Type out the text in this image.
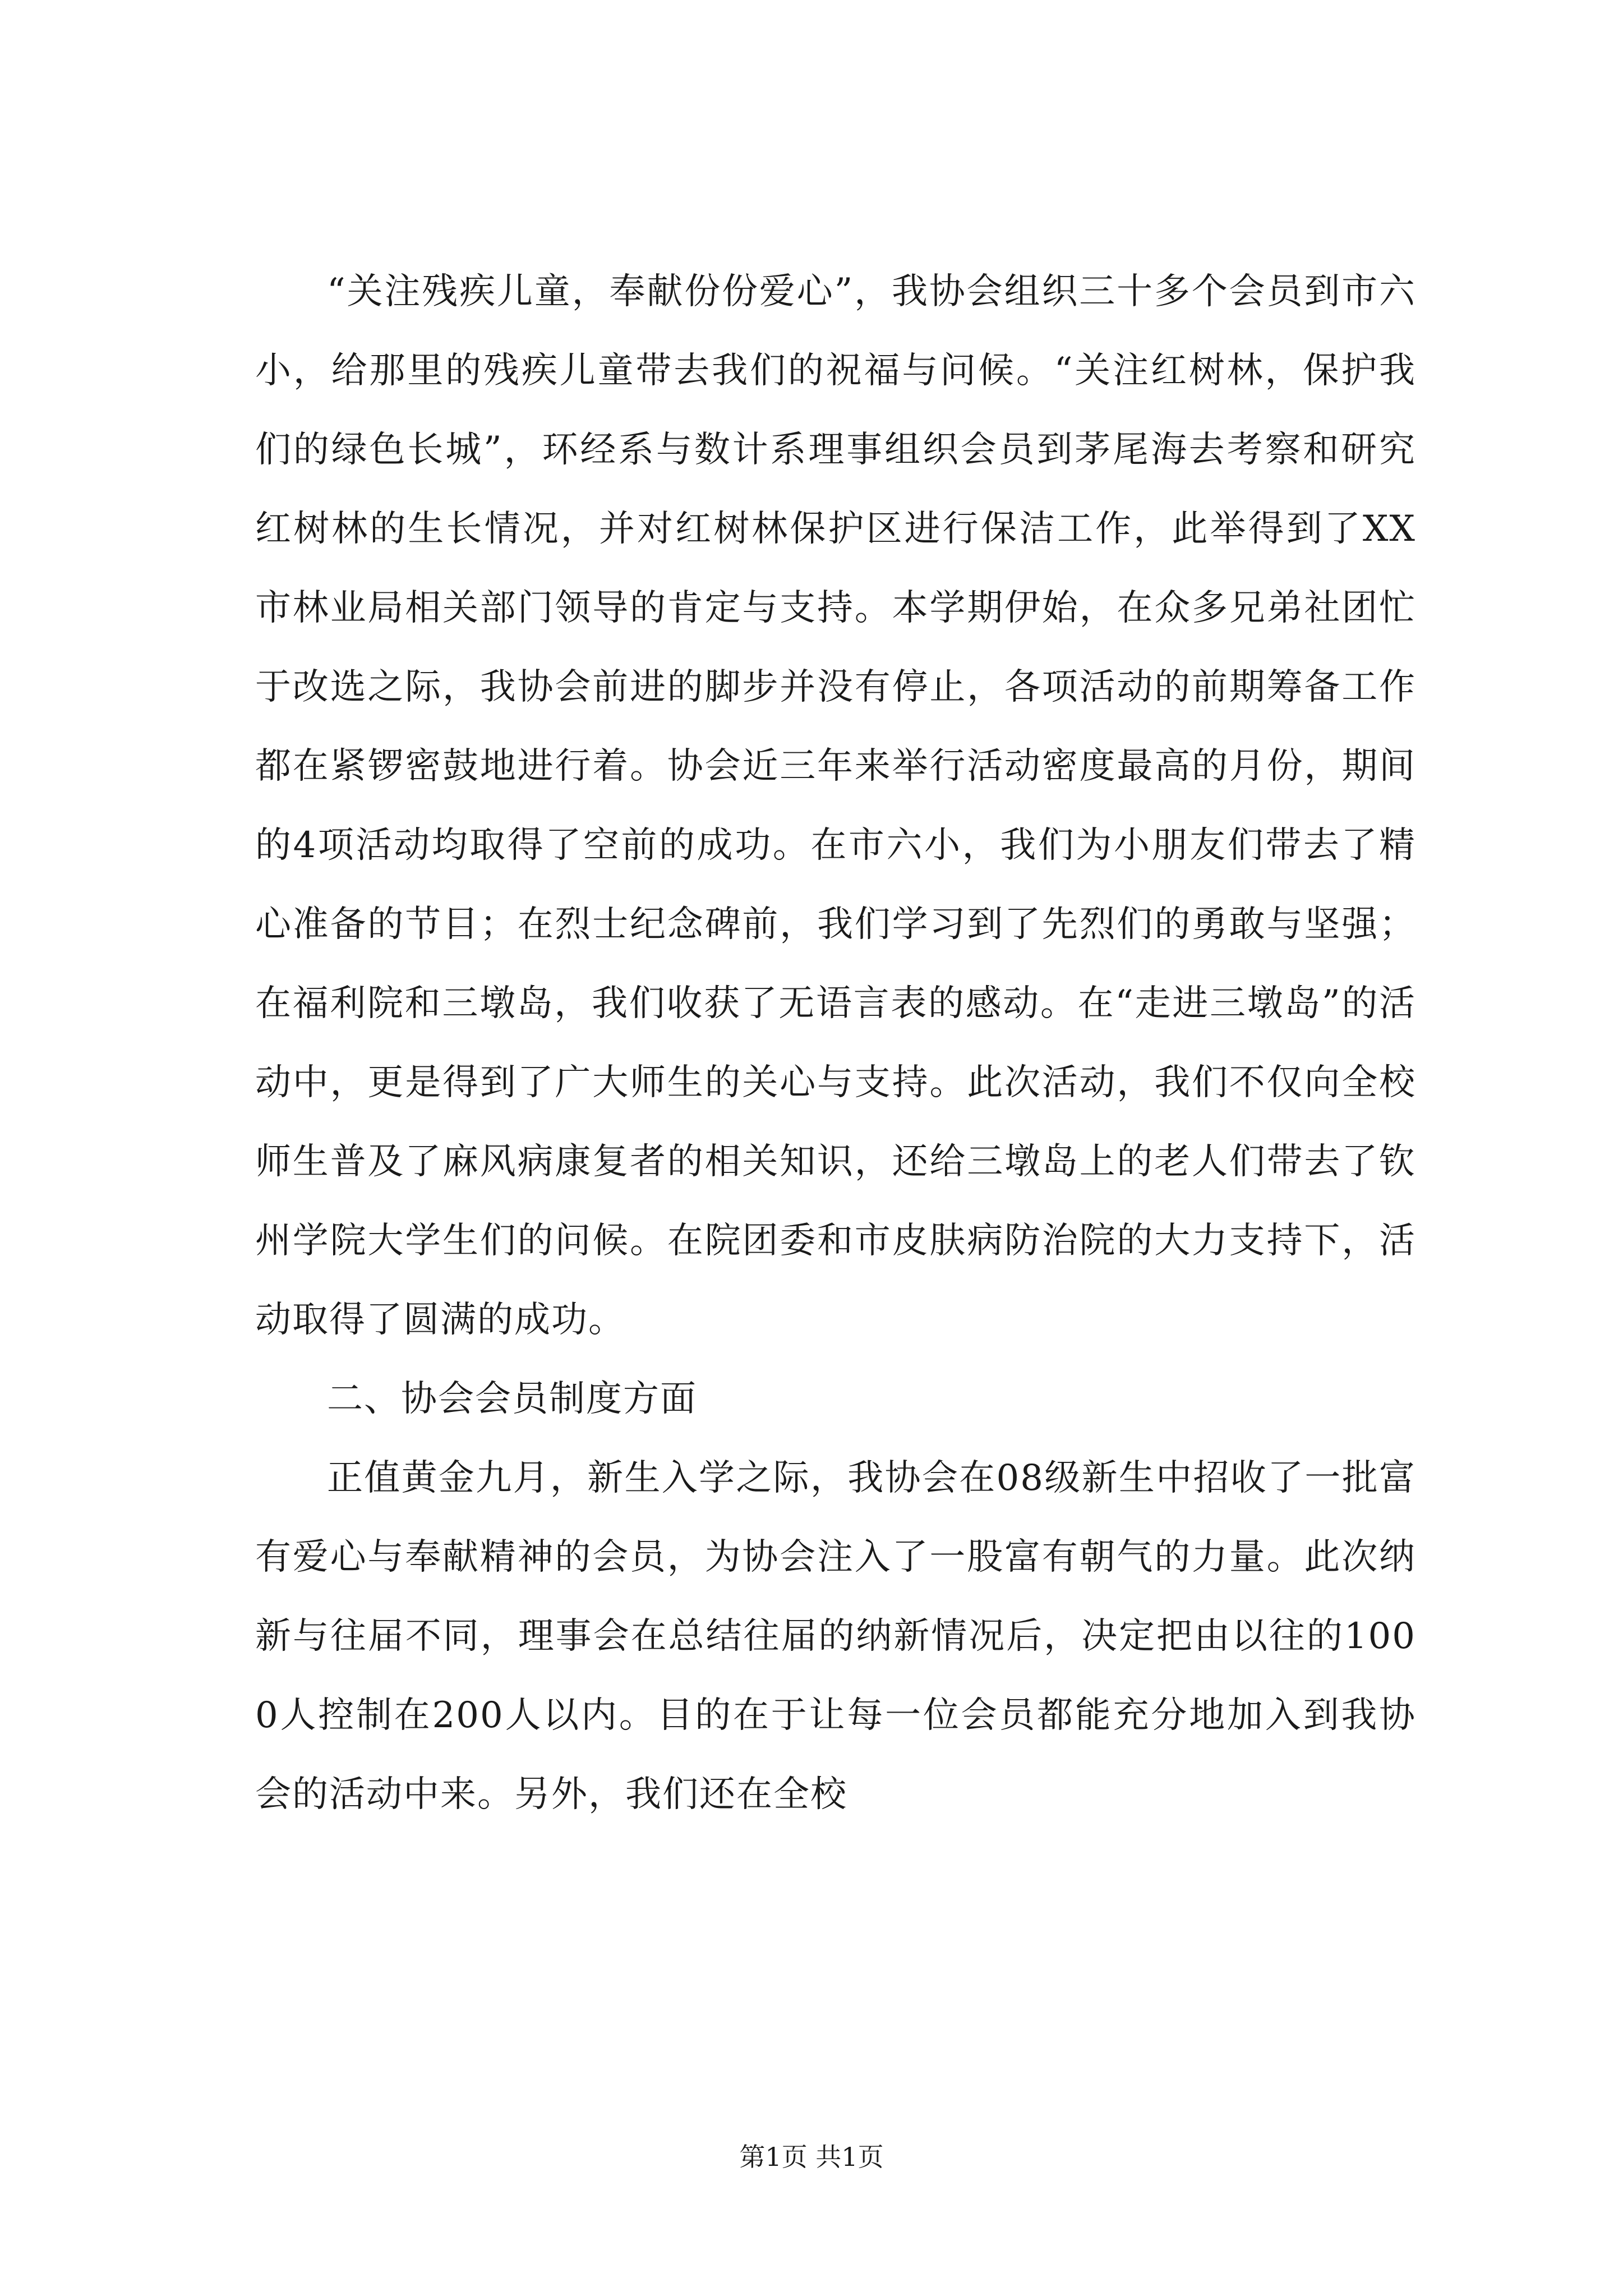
“关注残疾儿童，奉献份份爱心”，我协会组织三十多个会员到市六小，给那里的残疾儿童带去我们的祝福与问候。“关注红树林，保护我们的绿色长城”，环经系与数计系理事组织会员到茅尾海去考察和研究红树林的生长情况，并对红树林保护区进行保洁工作，此举得到了XX市林业局相关部门领导的肯定与支持。本学期伊始，在众多兄弟社团忙于改选之际，我协会前进的脚步并没有停止，各项活动的前期筹备工作都在紧锣密鼓地进行着。协会近三年来举行活动密度最高的月份，期间的4项活动均取得了空前的成功。在市六小，我们为小朋友们带去了精心准备的节目；在烈士纪念碑前，我们学习到了先烈们的勇敢与坚强；在福利院和三墩岛，我们收获了无语言表的感动。在“走进三墩岛”的活动中，更是得到了广大师生的关心与支持。此次活动，我们不仅向全校师生普及了麻风病康复者的相关知识，还给三墩岛上的老人们带去了钦州学院大学生们的问候。在院团委和市皮肤病防治院的大力支持下，活动取得了圆满的成功。

二、协会会员制度方面

正值黄金九月，新生入学之际，我协会在08级新生中招收了一批富有爱心与奉献精神的会员，为协会注入了一股富有朝气的力量。此次纳新与往届不同，理事会在总结往届的纳新情况后，决定把由以往的1000人控制在200人以内。目的在于让每一位会员都能充分地加入到我协会的活动中来。另外，我们还在全校

第1页 共1页
